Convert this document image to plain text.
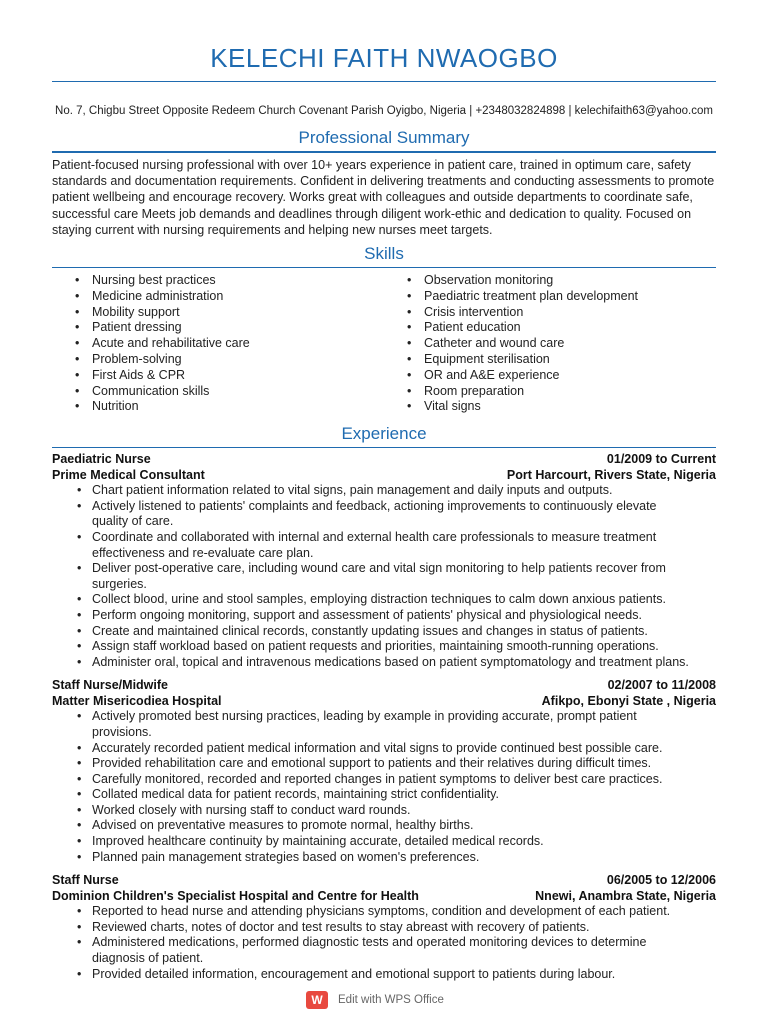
KELECHI FAITH NWAOGBO
No. 7, Chigbu Street Opposite Redeem Church Covenant Parish Oyigbo, Nigeria | +2348032824898 | kelechifaith63@yahoo.com
Professional Summary
Patient-focused nursing professional with over 10+ years experience in patient care, trained in optimum care, safety standards and documentation requirements. Confident in delivering treatments and conducting assessments to promote patient wellbeing and encourage recovery. Works great with colleagues and outside departments to coordinate safe, successful care Meets job demands and deadlines through diligent work-ethic and dedication to quality. Focused on staying current with nursing requirements and helping new nurses meet targets.
Skills
• Nursing best practices
• Medicine administration
• Mobility support
• Patient dressing
• Acute and rehabilitative care
• Problem-solving
• First Aids & CPR
• Communication skills
• Nutrition
• Observation monitoring
• Paediatric treatment plan development
• Crisis intervention
• Patient education
• Catheter and wound care
• Equipment sterilisation
• OR and A&E experience
• Room preparation
• Vital signs
Experience
Paediatric Nurse	01/2009 to Current
Prime Medical Consultant	Port Harcourt, Rivers State, Nigeria
• Chart patient information related to vital signs, pain management and daily inputs and outputs.
• Actively listened to patients' complaints and feedback, actioning improvements to continuously elevate quality of care.
• Coordinate and collaborated with internal and external health care professionals to measure treatment effectiveness and re-evaluate care plan.
• Deliver post-operative care, including wound care and vital sign monitoring to help patients recover from surgeries.
• Collect blood, urine and stool samples, employing distraction techniques to calm down anxious patients.
• Perform ongoing monitoring, support and assessment of patients' physical and physiological needs.
• Create and maintained clinical records, constantly updating issues and changes in status of patients.
• Assign staff workload based on patient requests and priorities, maintaining smooth-running operations.
• Administer oral, topical and intravenous medications based on patient symptomatology and treatment plans.
Staff Nurse/Midwife	02/2007 to 11/2008
Matter Misericodiea Hospital	Afikpo, Ebonyi State , Nigeria
• Actively promoted best nursing practices, leading by example in providing accurate, prompt patient provisions.
• Accurately recorded patient medical information and vital signs to provide continued best possible care.
• Provided rehabilitation care and emotional support to patients and their relatives during difficult times.
• Carefully monitored, recorded and reported changes in patient symptoms to deliver best care practices.
• Collated medical data for patient records, maintaining strict confidentiality.
• Worked closely with nursing staff to conduct ward rounds.
• Advised on preventative measures to promote normal, healthy births.
• Improved healthcare continuity by maintaining accurate, detailed medical records.
• Planned pain management strategies based on women's preferences.
Staff Nurse	06/2005 to 12/2006
Dominion Children's Specialist Hospital and Centre for Health	Nnewi, Anambra State, Nigeria
• Reported to head nurse and attending physicians symptoms, condition and development of each patient.
• Reviewed charts, notes of doctor and test results to stay abreast with recovery of patients.
• Administered medications, performed diagnostic tests and operated monitoring devices to determine diagnosis of patient.
• Provided detailed information, encouragement and emotional support to patients during labour.
W	Edit with WPS Office
